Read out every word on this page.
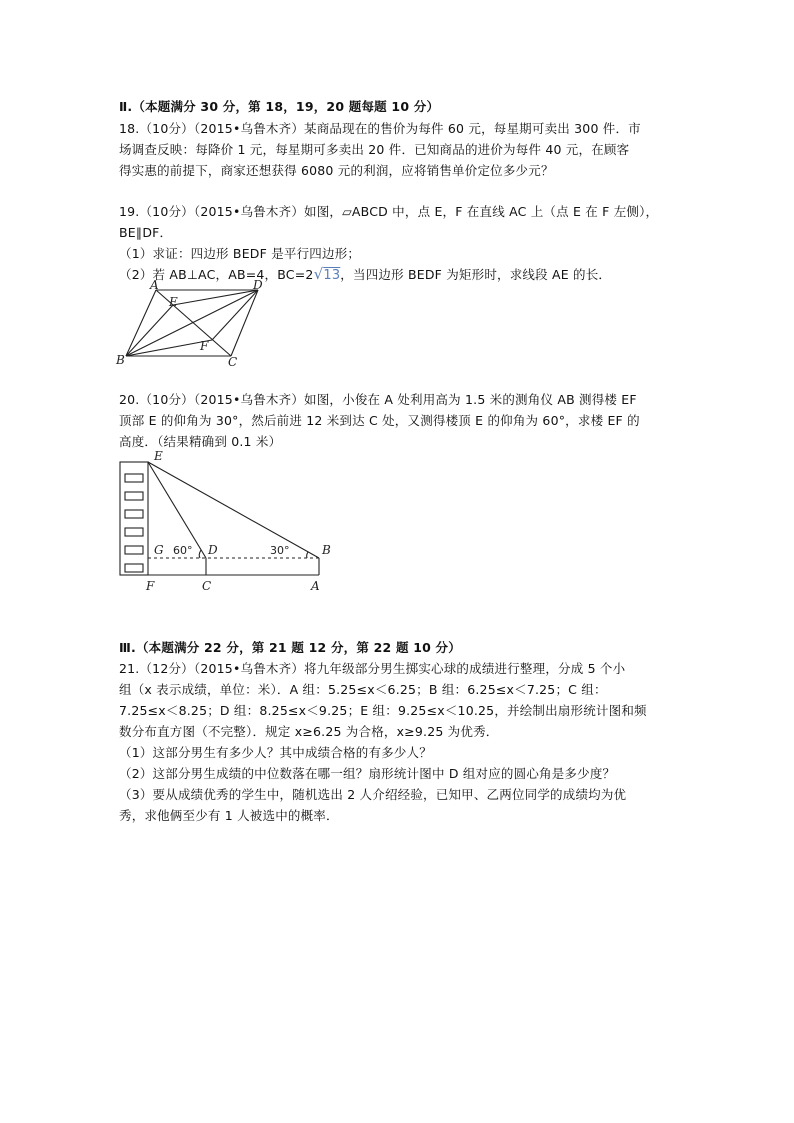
Ⅱ.（本题满分 30 分，第 18，19，20 题每题 10 分）
18.（10分）（2015•乌鲁木齐）某商品现在的售价为每件 60 元，每星期可卖出 300 件．市
场调查反映：每降价 1 元，每星期可多卖出 20 件．已知商品的进价为每件 40 元，在顾客
得实惠的前提下，商家还想获得 6080 元的利润，应将销售单价定位多少元？
19.（10分）（2015•乌鲁木齐）如图，▱ABCD 中，点 E，F 在直线 AC 上（点 E 在 F 左侧），
BE∥DF．
（1）求证：四边形 BEDF 是平行四边形；
（2）若 AB⊥AC，AB=4，BC=2√13，当四边形 BEDF 为矩形时，求线段 AE 的长．
A	D
E
F
B	C
20.（10分）（2015•乌鲁木齐）如图，小俊在 A 处利用高为 1.5 米的测角仪 AB 测得楼 EF
顶部 E 的仰角为 30°，然后前进 12 米到达 C 处，又测得楼顶 E 的仰角为 60°，求楼 EF 的
高度．（结果精确到 0.1 米）
E
G 60° D	30°	B
F	C	A
Ⅲ.（本题满分 22 分，第 21 题 12 分，第 22 题 10 分）
21.（12分）（2015•乌鲁木齐）将九年级部分男生掷实心球的成绩进行整理，分成 5 个小
组（x 表示成绩，单位：米）．A 组：5.25≤x＜6.25；B 组：6.25≤x＜7.25；C 组：
7.25≤x＜8.25；D 组：8.25≤x＜9.25；E 组：9.25≤x＜10.25，并绘制出扇形统计图和频
数分布直方图（不完整）．规定 x≥6.25 为合格，x≥9.25 为优秀．
（1）这部分男生有多少人？其中成绩合格的有多少人？
（2）这部分男生成绩的中位数落在哪一组？扇形统计图中 D 组对应的圆心角是多少度？
（3）要从成绩优秀的学生中，随机选出 2 人介绍经验，已知甲、乙两位同学的成绩均为优
秀，求他俩至少有 1 人被选中的概率．
